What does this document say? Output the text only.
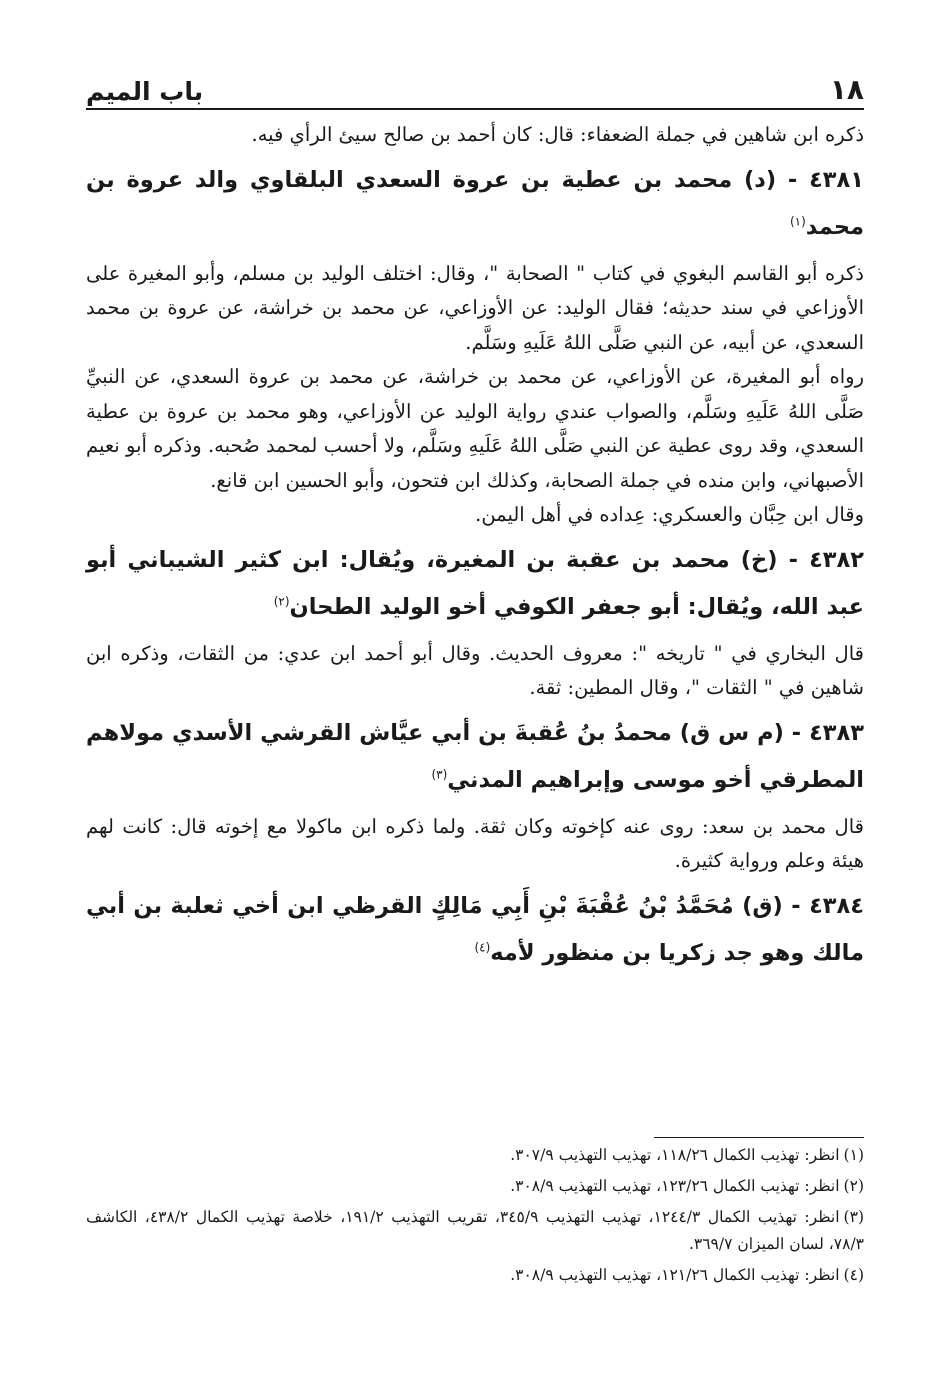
١٨
باب الميم

ذكره ابن شاهين في جملة الضعفاء: قال: كان أحمد بن صالح سيئ الرأي فيه.

٤٣٨١ - (د) محمد بن عطية بن عروة السعدي البلقاوي والد عروة بن محمد$^{(١)}$

ذكره أبو القاسم البغوي في كتاب " الصحابة "، وقال: اختلف الوليد بن مسلم، وأبو المغيرة على الأوزاعي في سند حديثه؛ فقال الوليد: عن الأوزاعي، عن محمد بن خراشة، عن عروة بن محمد السعدي، عن أبيه، عن النبي صَلَّى اللهُ عَلَيهِ وسَلَّم.

رواه أبو المغيرة، عن الأوزاعي، عن محمد بن خراشة، عن محمد بن عروة السعدي، عن النبيِّ صَلَّى اللهُ عَلَيهِ وسَلَّم، والصواب عندي رواية الوليد عن الأوزاعي، وهو محمد بن عروة بن عطية السعدي، وقد روى عطية عن النبي صَلَّى اللهُ عَلَيهِ وسَلَّم، ولا أحسب لمحمد صُحبه. وذكره أبو نعيم الأصبهاني، وابن منده في جملة الصحابة، وكذلك ابن فتحون، وأبو الحسين ابن قانع.

وقال ابن حِبَّان والعسكري: عِداده في أهل اليمن.

٤٣٨٢ - (خ) محمد بن عقبة بن المغيرة، ويُقال: ابن كثير الشيباني أبو عبد الله، ويُقال: أبو جعفر الكوفي أخو الوليد الطحان$^{(٢)}$

قال البخاري في " تاريخه ": معروف الحديث. وقال أبو أحمد ابن عدي: من الثقات، وذكره ابن شاهين في " الثقات "، وقال المطين: ثقة.

٤٣٨٣ - (م س ق) محمدُ بنُ عُقبةَ بن أبي عيَّاش القرشي الأسدي مولاهم المطرقي أخو موسى وإبراهيم المدني$^{(٣)}$

قال محمد بن سعد: روى عنه كإخوته وكان ثقة. ولما ذكره ابن ماكولا مع إخوته قال: كانت لهم هيئة وعلم ورواية كثيرة.

٤٣٨٤ - (ق) مُحَمَّدُ بْنُ عُقْبَةَ بْنِ أَبِي مَالِكٍ القرظي ابن أخي ثعلبة بن أبي مالك وهو جد زكريا بن منظور لأمه$^{(٤)}$
(١)انظر: تهذيب الكمال ١١٨/٢٦، تهذيب التهذيب ٣٠٧/٩.
(٢)انظر: تهذيب الكمال ١٢٣/٢٦، تهذيب التهذيب ٣٠٨/٩.
(٣)انظر: تهذيب الكمال ١٢٤٤/٣، تهذيب التهذيب ٣٤٥/٩، تقريب التهذيب ١٩١/٢، خلاصة تهذيب الكمال ٤٣٨/٢، الكاشف ٧٨/٣، لسان الميزان ٣٦٩/٧.
(٤)انظر: تهذيب الكمال ١٢١/٢٦، تهذيب التهذيب ٣٠٨/٩.
